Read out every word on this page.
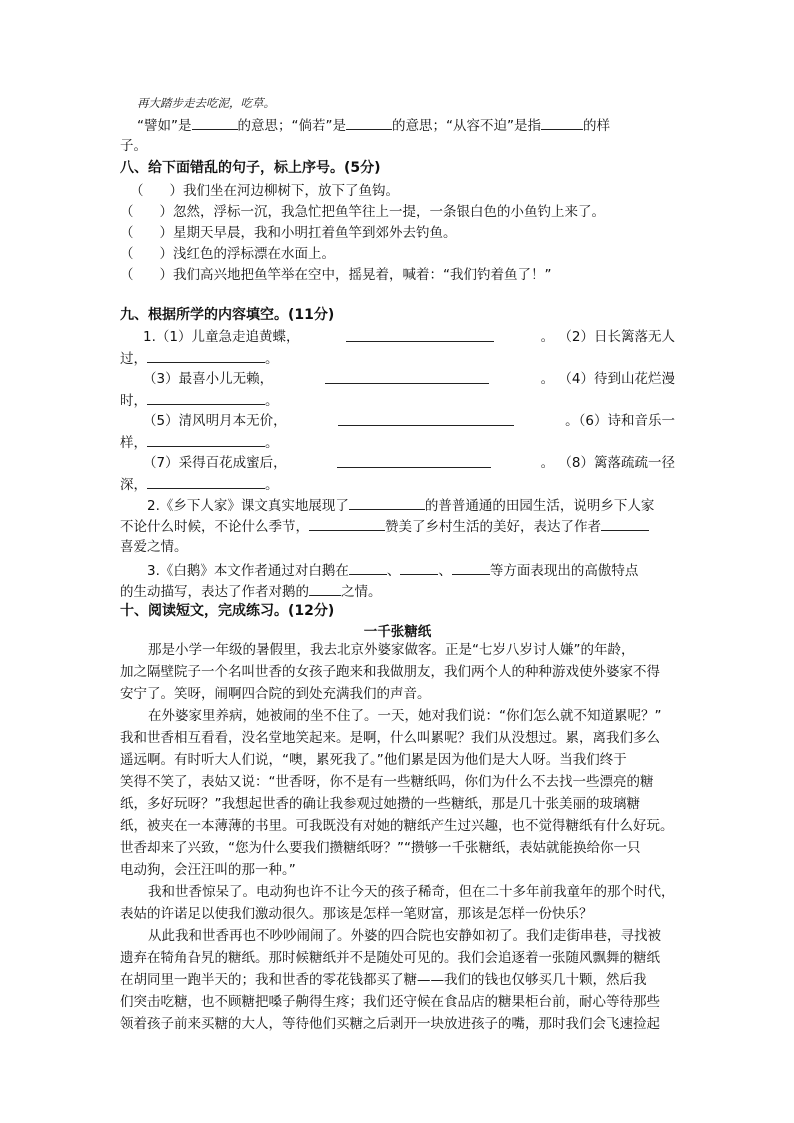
再大踏步走去吃泥，吃草。
“譬如”是	的意思；“倘若”是	的意思；“从容不迫”是指	的样
子。
八、给下面错乱的句子，标上序号。(5分)
（ ）我们坐在河边柳树下，放下了鱼钩。
（ ）忽然，浮标一沉，我急忙把鱼竿往上一提，一条银白色的小鱼钓上来了。
（ ）星期天早晨，我和小明扛着鱼竿到郊外去钓鱼。
（ ）浅红色的浮标漂在水面上。
（ ）我们高兴地把鱼竿举在空中，摇晃着，喊着：“我们钓着鱼了！”
九、根据所学的内容填空。(11分)
1.（1）儿童急走追黄蝶，	。 （2）日长篱落无人
过，	。
（3）最喜小儿无赖，	。 （4）待到山花烂漫
时，	。
（5）清风明月本无价，	。（6）诗和音乐一
样，	。
（7）采得百花成蜜后，	。 （8）篱落疏疏一径
深，	。
2.《乡下人家》课文真实地展现了	的普普通通的田园生活，说明乡下人家
不论什么时候，不论什么季节，	赞美了乡村生活的美好，表达了作者
喜爱之情。
3.《白鹅》本文作者通过对白鹅在	、	、	等方面表现出的高傲特点
的生动描写，表达了作者对鹅的 之情。
十、阅读短文，完成练习。(12分)
一千张糖纸
那是小学一年级的暑假里，我去北京外婆家做客。正是“七岁八岁讨人嫌”的年龄，
加之隔壁院子一个名叫世香的女孩子跑来和我做朋友，我们两个人的种种游戏使外婆家不得
安宁了。笑呀，闹啊四合院的到处充满我们的声音。
在外婆家里养病，她被闹的坐不住了。一天，她对我们说：“你们怎么就不知道累呢？”
我和世香相互看看，没名堂地笑起来。是啊，什么叫累呢？我们从没想过。累，离我们多么
遥远啊。有时听大人们说，“噢，累死我了。”他们累是因为他们是大人呀。当我们终于
笑得不笑了，表姑又说：“世香呀，你不是有一些糖纸吗，你们为什么不去找一些漂亮的糖
纸，多好玩呀？”我想起世香的确让我参观过她攒的一些糖纸，那是几十张美丽的玻璃糖
纸，被夹在一本薄薄的书里。可我既没有对她的糖纸产生过兴趣，也不觉得糖纸有什么好玩。
世香却来了兴致，“您为什么要我们攒糖纸呀？”“攒够一千张糖纸，表姑就能换给你一只
电动狗，会汪汪叫的那一种。”
我和世香惊呆了。电动狗也许不让今天的孩子稀奇，但在二十多年前我童年的那个时代，
表姑的许诺足以使我们激动很久。那该是怎样一笔财富，那该是怎样一份快乐？
从此我和世香再也不吵吵闹闹了。外婆的四合院也安静如初了。我们走街串巷，寻找被
遗弃在犄角旮旯的糖纸。那时候糖纸并不是随处可见的。我们会追逐着一张随风飘舞的糖纸
在胡同里一跑半天的；我和世香的零花钱都买了糖——我们的钱也仅够买几十颗，然后我
们突击吃糖，也不顾糖把嗓子齁得生疼；我们还守候在食品店的糖果柜台前，耐心等待那些
领着孩子前来买糖的大人，等待他们买糖之后剥开一块放进孩子的嘴，那时我们会飞速捡起
